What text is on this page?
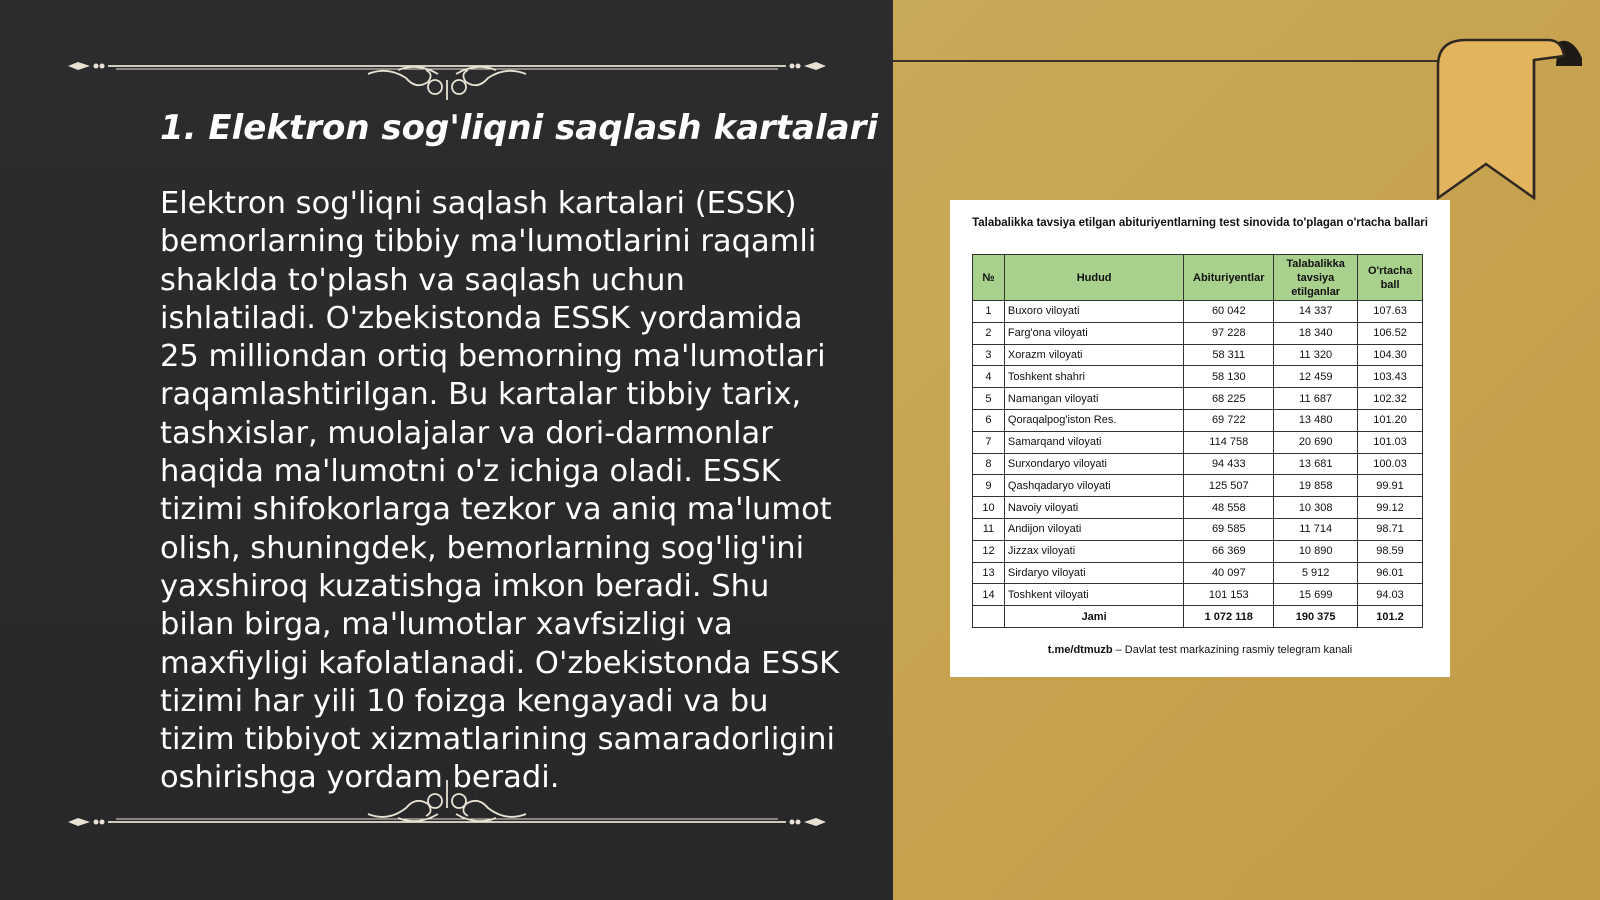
1. Elektron sog'liqni saqlash kartalari

Elektron sog'liqni saqlash kartalari (ESSK) bemorlarning tibbiy ma'lumotlarini raqamli shaklda to'plash va saqlash uchun ishlatiladi. O'zbekistonda ESSK yordamida 25 milliondan ortiq bemorning ma'lumotlari raqamlashtirilgan. Bu kartalar tibbiy tarix, tashxislar, muolajalar va dori-darmonlar haqida ma'lumotni o'z ichiga oladi. ESSK tizimi shifokorlarga tezkor va aniq ma'lumot olish, shuningdek, bemorlarning sog'lig'ini yaxshiroq kuzatishga imkon beradi. Shu bilan birga, ma'lumotlar xavfsizligi va maxfiyligi kafolatlanadi. O'zbekistonda ESSK tizimi har yili 10 foizga kengayadi va bu tizim tibbiyot xizmatlarining samaradorligini oshirishga yordam beradi.

Talabalikka tavsiya etilgan abituriyentlarning test sinovida to'plagan o'rtacha ballari

№	Hudud	Abituriyentlar	Talabalikka tavsiya etilganlar	O'rtacha ball
1	Buxoro viloyati	60 042	14 337	107.63
2	Farg'ona viloyati	97 228	18 340	106.52
3	Xorazm viloyati	58 311	11 320	104.30
4	Toshkent shahri	58 130	12 459	103.43
5	Namangan viloyati	68 225	11 687	102.32
6	Qoraqalpog'iston Res.	69 722	13 480	101.20
7	Samarqand viloyati	114 758	20 690	101.03
8	Surxondaryo viloyati	94 433	13 681	100.03
9	Qashqadaryo viloyati	125 507	19 858	99.91
10	Navoiy viloyati	48 558	10 308	99.12
11	Andijon viloyati	69 585	11 714	98.71
12	Jizzax viloyati	66 369	10 890	98.59
13	Sirdaryo viloyati	40 097	5 912	96.01
14	Toshkent viloyati	101 153	15 699	94.03
	Jami	1 072 118	190 375	101.2
t.me/dtmuzb – Davlat test markazining rasmiy telegram kanali
